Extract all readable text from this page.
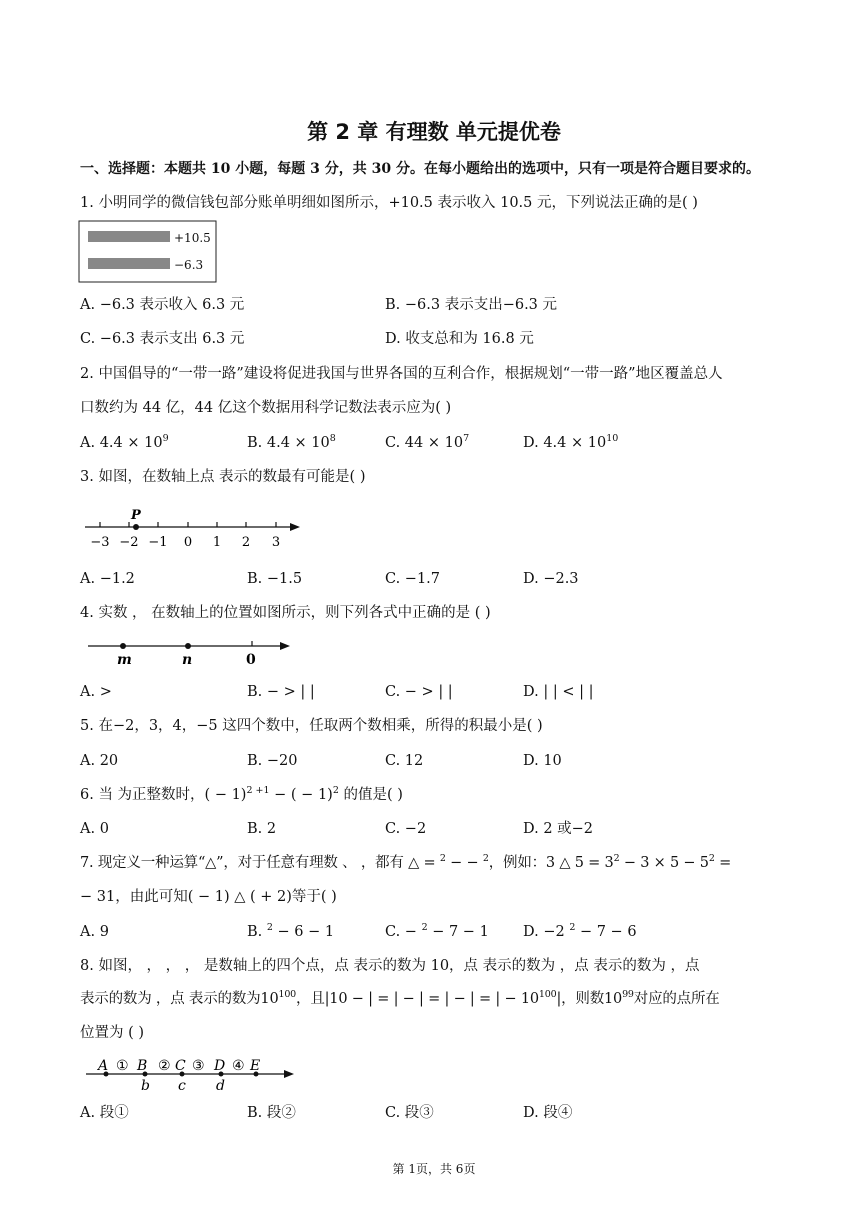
第 2 章 有理数 单元提优卷
一、选择题：本题共 10 小题，每题 3 分，共 30 分。在每小题给出的选项中，只有一项是符合题目要求的。
1. 小明同学的微信钱包部分账单明细如图所示，+10.5 表示收入 10.5 元，下列说法正确的是( )
+10.5
−6.3
A. −6.3 表示收入 6.3 元	B. −6.3 表示支出−6.3 元
C. −6.3 表示支出 6.3 元	D. 收支总和为 16.8 元
2. 中国倡导的“一带一路”建设将促进我国与世界各国的互利合作，根据规划“一带一路”地区覆盖总人
口数约为 44 亿，44 亿这个数据用科学记数法表示应为( )
A. $4.4 \times 10^9$	B. $4.4 \times 10^8$	C. $44 \times 10^7$	D. $4.4 \times 10^{10}$
3. 如图，在数轴上点 表示的数最有可能是( )
P
−3 −2 −1 0 1 2 3
A. −1.2	B. −1.5	C. −1.7	D. −2.3
4. 实数 ， 在数轴上的位置如图所示，则下列各式中正确的是 ( )
m	n	0
A. >	B. − > | |	C. − > | |	D. | | < | |
5. 在−2，3，4，−5 这四个数中，任取两个数相乘，所得的积最小是( )
A. 20	B. −20	C. 12	D. 10
6. 当 为正整数时，( − 1)$^{2 +1}$ − ( − 1)$^2$ 的值是( )
A. 0	B. 2	C. −2	D. 2 或−2
7. 现定义一种运算“△”，对于任意有理数 、 ，都有 △ = $^2$ − − $^2$，例如：3 △ $5 = 3^2 - 3 \times 5 - 5^2$ =
− 31，由此可知( − 1) △ ( + 2)等于( )
A. 9	B. $^2$ − 6 − 1	C. − $^2$ − 7 − 1 D. −2 $^2$ − 7 − 6
8. 如图， ， ， ， 是数轴上的四个点，点 表示的数为 10，点 表示的数为 ，点 表示的数为 ，点
表示的数为 ，点 表示的数为$10^{100}$，且|10 − | = | − | = | − | = | − $10^{100}|$，则数$10^{99}$对应的点所在
位置为 ( )
A ① B ② C ③ D ④ E
b c d
A. 段①	B. 段②	C. 段③	D. 段④
第 1页，共 6页
